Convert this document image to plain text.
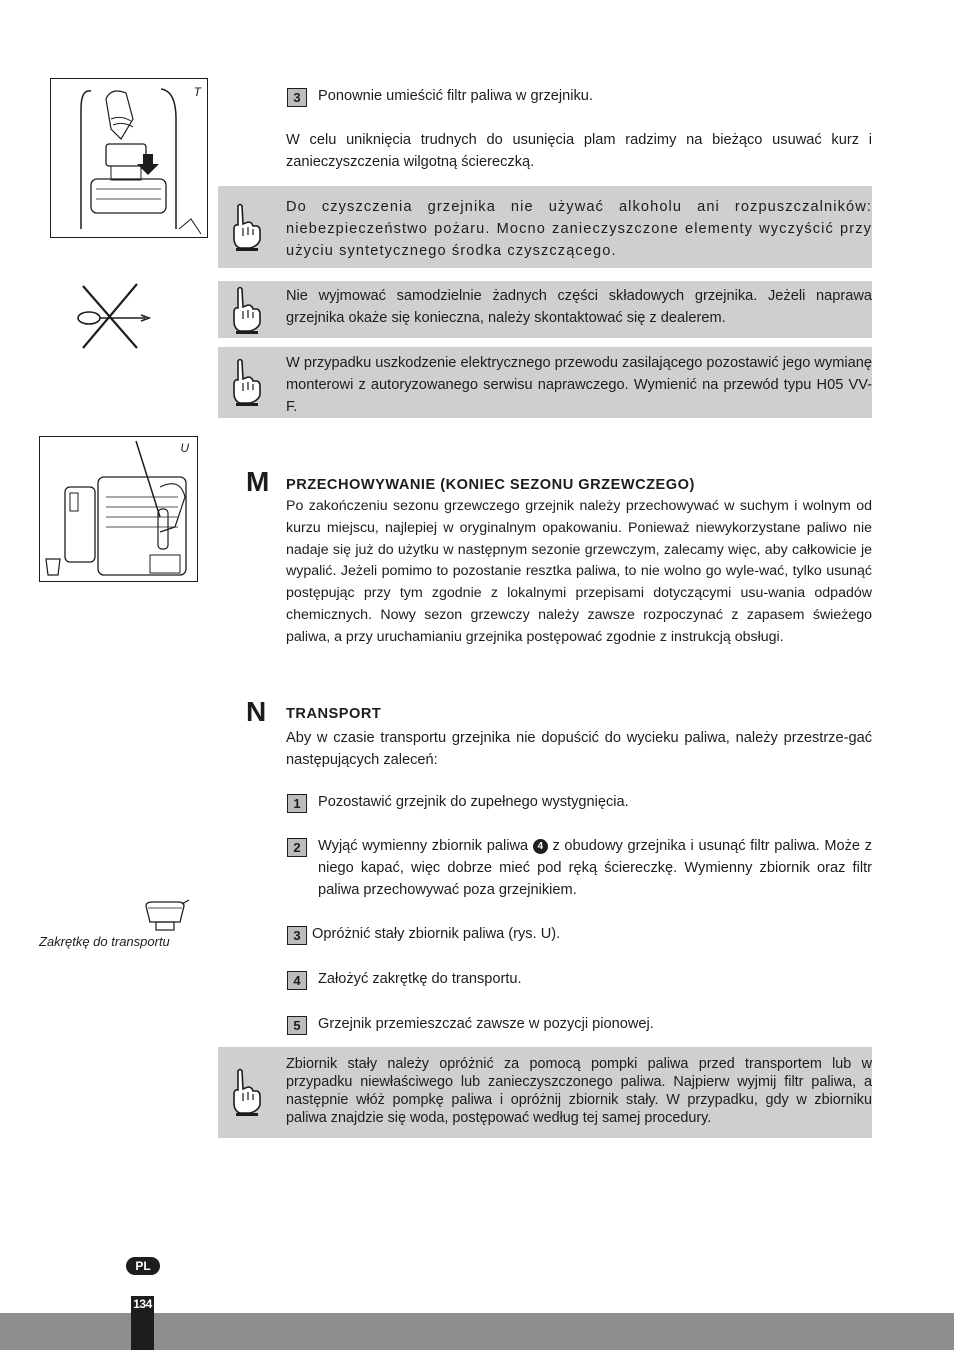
T
U
Zakrętkę do transportu
3	Ponownie umieścić filtr paliwa w grzejniku.
W celu uniknięcia trudnych do usunięcia plam radzimy na bieżąco usuwać kurz i zanieczyszczenia wilgotną ściereczką.
Do czyszczenia grzejnika nie używać alkoholu ani rozpuszczalników: niebezpieczeństwo pożaru. Mocno zanieczyszczone elementy wyczyścić przy użyciu syntetycznego środka czyszczącego.
Nie wyjmować samodzielnie żadnych części składowych grzejnika. Jeżeli naprawa grzejnika okaże się konieczna, należy skontaktować się z dealerem.
W przypadku uszkodzenie elektrycznego przewodu zasilającego pozostawić jego wymianę monterowi z autoryzowanego serwisu naprawczego. Wymienić na przewód typu H05 VV-F.
M PRZECHOWYWANIE (KONIEC SEZONU GRZEWCZEGO)
Po zakończeniu sezonu grzewczego grzejnik należy przechowywać w suchym i wolnym od kurzu miejscu, najlepiej w oryginalnym opakowaniu. Ponieważ niewykorzystane paliwo nie nadaje się już do użytku w następnym sezonie grzewczym, zalecamy więc, aby całkowicie je wypalić. Jeżeli pomimo to pozostanie resztka paliwa, to nie wolno go wyle-wać, tylko usunąć postępując przy tym zgodnie z lokalnymi przepisami dotyczącymi usu-wania odpadów chemicznych. Nowy sezon grzewczy należy zawsze rozpoczynać z zapasem świeżego paliwa, a przy uruchamianiu grzejnika postępować zgodnie z instrukcją obsługi.
N TRANSPORT
Aby w czasie transportu grzejnika nie dopuścić do wycieku paliwa, należy przestrze-gać następujących zaleceń:
1	Pozostawić grzejnik do zupełnego wystygnięcia.
2	Wyjąć wymienny zbiornik paliwa 4 z obudowy grzejnika i usunąć filtr paliwa. Może z niego kapać, więc dobrze mieć pod ręką ściereczkę. Wymienny zbiornik oraz filtr paliwa przechowywać poza grzejnikiem.
3 Opróżnić stały zbiornik paliwa (rys. U).
4	Założyć zakrętkę do transportu.
5	Grzejnik przemieszczać zawsze w pozycji pionowej.
Zbiornik stały należy opróżnić za pomocą pompki paliwa przed transportem lub w przypadku niewłaściwego lub zanieczyszczonego paliwa. Najpierw wyjmij filtr paliwa, a następnie włóż pompkę paliwa i opróżnij zbiornik stały. W przypadku, gdy w zbiorniku paliwa znajdzie się woda, postępować według tej samej procedury.
PL
134
